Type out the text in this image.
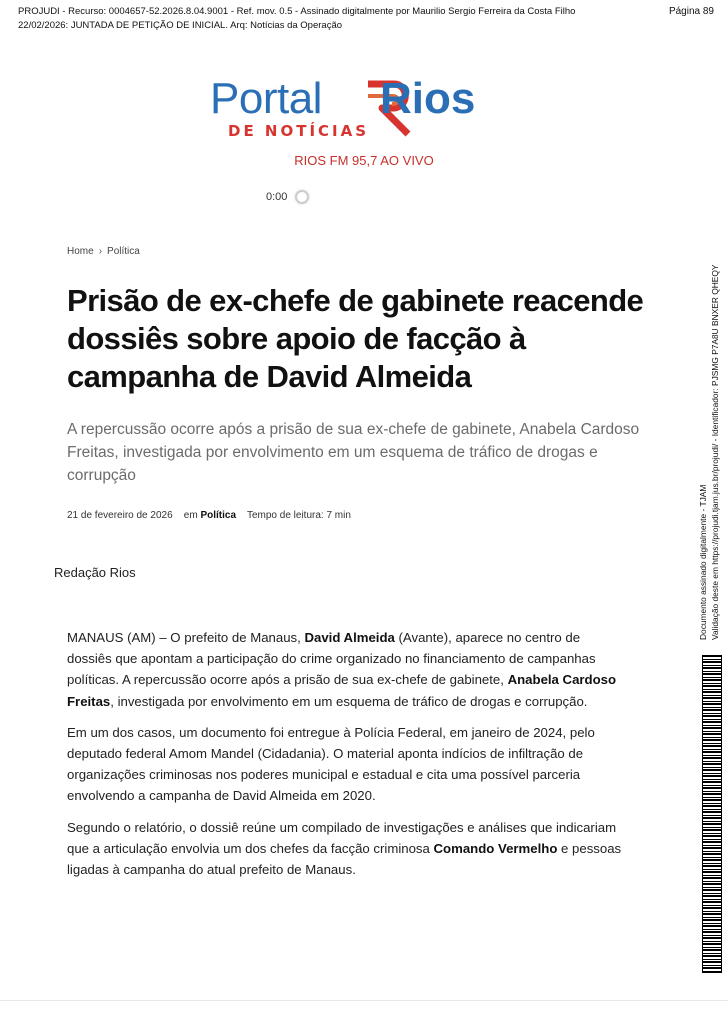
PROJUDI - Recurso: 0004657-52.2026.8.04.9001 - Ref. mov. 0.5 - Assinado digitalmente por Maurilio Sergio Ferreira da Costa Filho
22/02/2026: JUNTADA DE PETIÇÃO DE INICIAL. Arq: Notícias da Operação
Página 89
Portal Rios
DE NOTÍCIAS
RIOS FM 95,7 AO VIVO
0:00
Home › Política
Prisão de ex-chefe de gabinete reacende dossiês sobre apoio de facção à campanha de David Almeida
A repercussão ocorre após a prisão de sua ex-chefe de gabinete, Anabela Cardoso Freitas, investigada por envolvimento em um esquema de tráfico de drogas e corrupção
21 de fevereiro de 2026 em Política Tempo de leitura: 7 min
Redação Rios

MANAUS (AM) – O prefeito de Manaus, David Almeida (Avante), aparece no centro de dossiês que apontam a participação do crime organizado no financiamento de campanhas políticas. A repercussão ocorre após a prisão de sua ex-chefe de gabinete, Anabela Cardoso Freitas, investigada por envolvimento em um esquema de tráfico de drogas e corrupção.

Em um dos casos, um documento foi entregue à Polícia Federal, em janeiro de 2024, pelo deputado federal Amom Mandel (Cidadania). O material aponta indícios de infiltração de organizações criminosas nos poderes municipal e estadual e cita uma possível parceria envolvendo a campanha de David Almeida em 2020.

Segundo o relatório, o dossiê reúne um compilado de investigações e análises que indicariam que a articulação envolvia um dos chefes da facção criminosa Comando Vermelho e pessoas ligadas à campanha do atual prefeito de Manaus.

Documento assinado digitalmente - TJAM Validação deste em https://projudi.tjam.jus.br/projudi/ - Identificador: PJSMG P7A8U BNXER QHEQY
